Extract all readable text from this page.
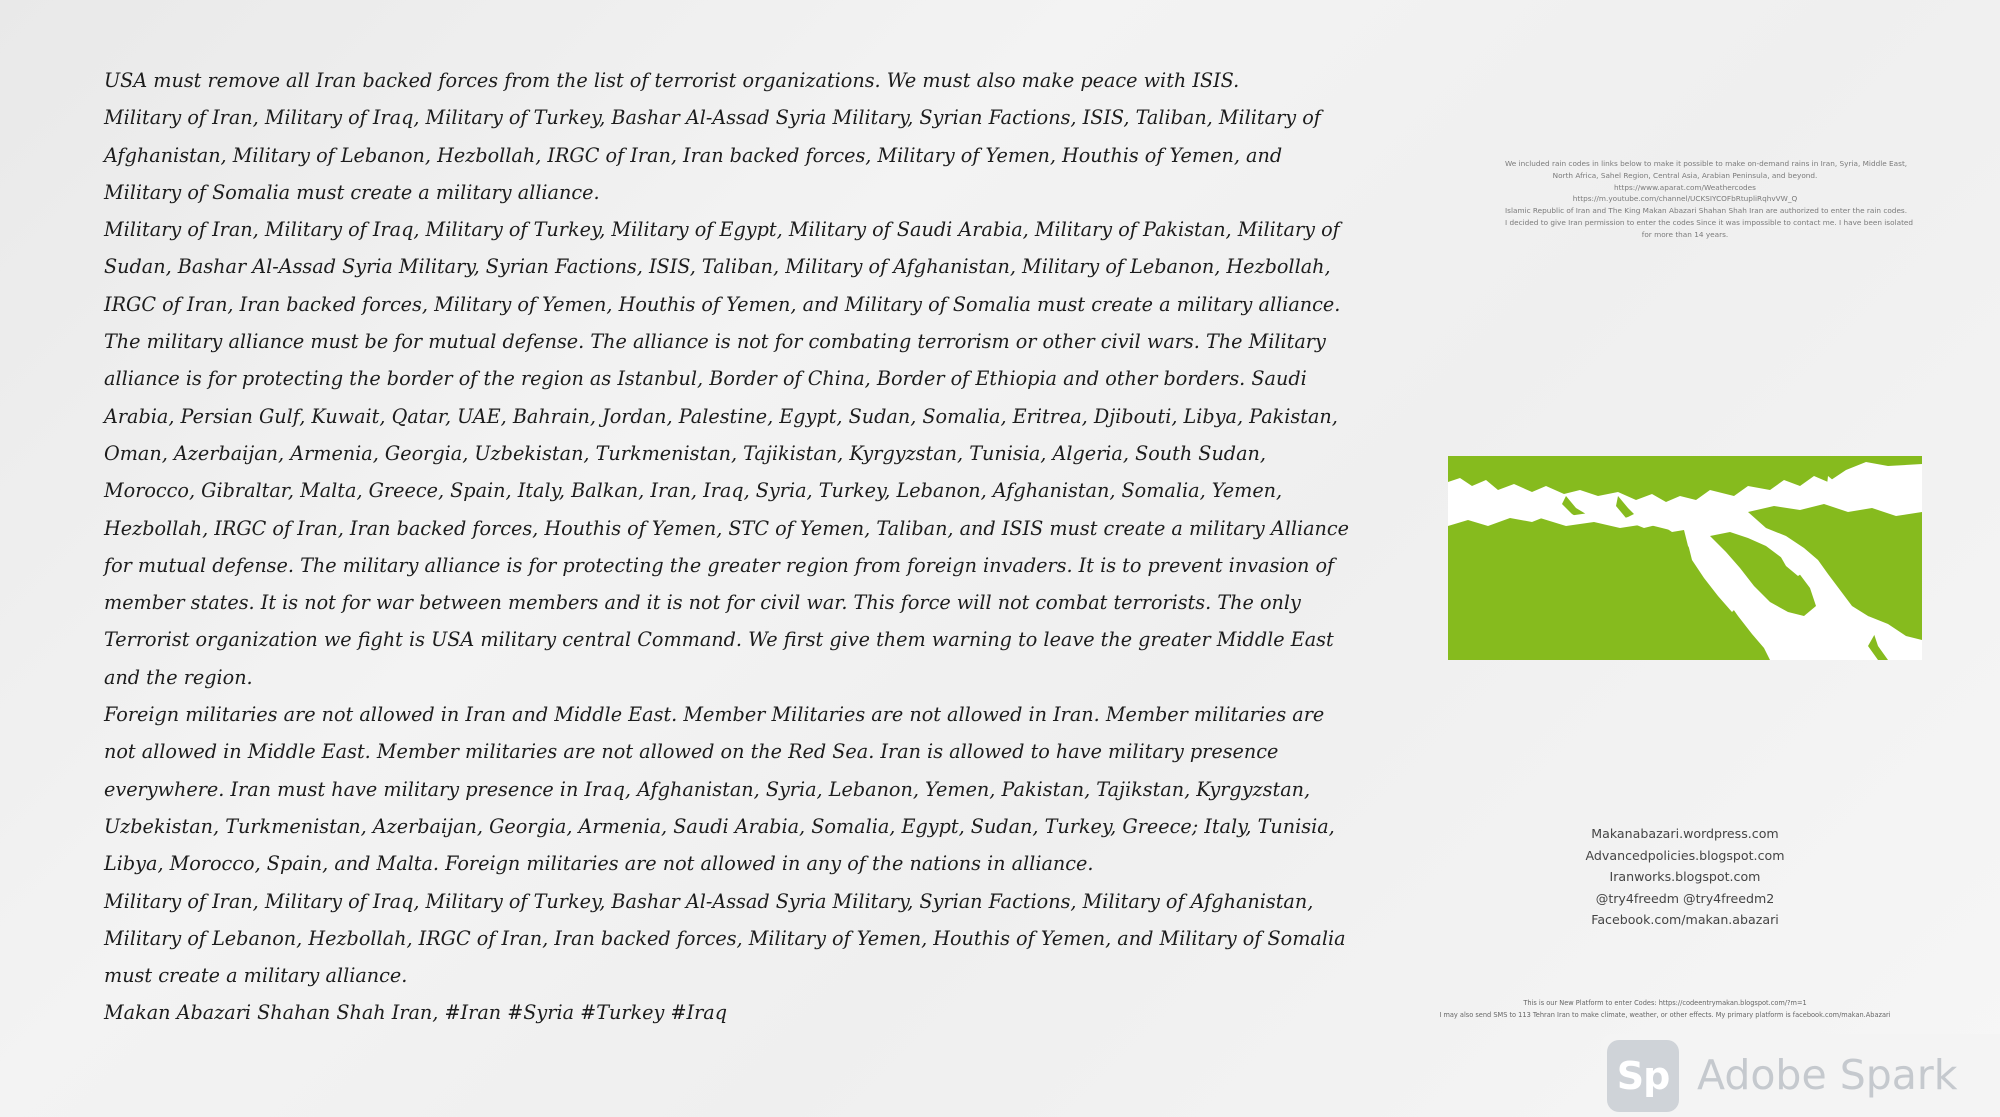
USA must remove all Iran backed forces from the list of terrorist organizations. We must also make peace with ISIS.

Military of Iran, Military of Iraq, Military of Turkey, Bashar Al-Assad Syria Military, Syrian Factions, ISIS, Taliban, Military of Afghanistan, Military of Lebanon, Hezbollah, IRGC of Iran, Iran backed forces, Military of Yemen, Houthis of Yemen, and Military of Somalia must create a military alliance.

Military of Iran, Military of Iraq, Military of Turkey, Military of Egypt, Military of Saudi Arabia, Military of Pakistan, Military of Sudan, Bashar Al-Assad Syria Military, Syrian Factions, ISIS, Taliban, Military of Afghanistan, Military of Lebanon, Hezbollah, IRGC of Iran, Iran backed forces, Military of Yemen, Houthis of Yemen, and Military of Somalia must create a military alliance.

The military alliance must be for mutual defense. The alliance is not for combating terrorism or other civil wars. The Military alliance is for protecting the border of the region as Istanbul, Border of China, Border of Ethiopia and other borders. Saudi Arabia, Persian Gulf, Kuwait, Qatar, UAE, Bahrain, Jordan, Palestine, Egypt, Sudan, Somalia, Eritrea, Djibouti, Libya, Pakistan, Oman, Azerbaijan, Armenia, Georgia, Uzbekistan, Turkmenistan, Tajikistan, Kyrgyzstan, Tunisia, Algeria, South Sudan, Morocco, Gibraltar, Malta, Greece, Spain, Italy, Balkan, Iran, Iraq, Syria, Turkey, Lebanon, Afghanistan, Somalia, Yemen, Hezbollah, IRGC of Iran, Iran backed forces, Houthis of Yemen, STC of Yemen, Taliban, and ISIS must create a military Alliance for mutual defense. The military alliance is for protecting the greater region from foreign invaders. It is to prevent invasion of member states. It is not for war between members and it is not for civil war. This force will not combat terrorists. The only Terrorist organization we fight is USA military central Command. We first give them warning to leave the greater Middle East and the region.

Foreign militaries are not allowed in Iran and Middle East. Member Militaries are not allowed in Iran. Member militaries are not allowed in Middle East. Member militaries are not allowed on the Red Sea. Iran is allowed to have military presence everywhere. Iran must have military presence in Iraq, Afghanistan, Syria, Lebanon, Yemen, Pakistan, Tajikstan, Kyrgyzstan, Uzbekistan, Turkmenistan, Azerbaijan, Georgia, Armenia, Saudi Arabia, Somalia, Egypt, Sudan, Turkey, Greece; Italy, Tunisia, Libya, Morocco, Spain, and Malta. Foreign militaries are not allowed in any of the nations in alliance.

Military of Iran, Military of Iraq, Military of Turkey, Bashar Al-Assad Syria Military, Syrian Factions, Military of Afghanistan, Military of Lebanon, Hezbollah, IRGC of Iran, Iran backed forces, Military of Yemen, Houthis of Yemen, and Military of Somalia must create a military alliance.

Makan Abazari Shahan Shah Iran, #Iran #Syria #Turkey #Iraq

We included rain codes in links below to make it possible to make on-demand rains in Iran, Syria, Middle East,
North Africa, Sahel Region, Central Asia, Arabian Peninsula, and beyond.
https://www.aparat.com/Weathercodes
https://m.youtube.com/channel/UCKSIYCOFbRtupliRqhvVW_Q
Islamic Republic of Iran and The King Makan Abazari Shahan Shah Iran are authorized to enter the rain codes.
I decided to give Iran permission to enter the codes Since it was impossible to contact me. I have been isolated
for more than 14 years.
Makanabazari.wordpress.com
Advancedpolicies.blogspot.com
Iranworks.blogspot.com
@try4freedm @try4freedm2
Facebook.com/makan.abazari
This is our New Platform to enter Codes: https://codeentrymakan.blogspot.com/?m=1
I may also send SMS to 113 Tehran Iran to make climate, weather, or other effects. My primary platform is facebook.com/makan.Abazari
Sp Adobe Spark
